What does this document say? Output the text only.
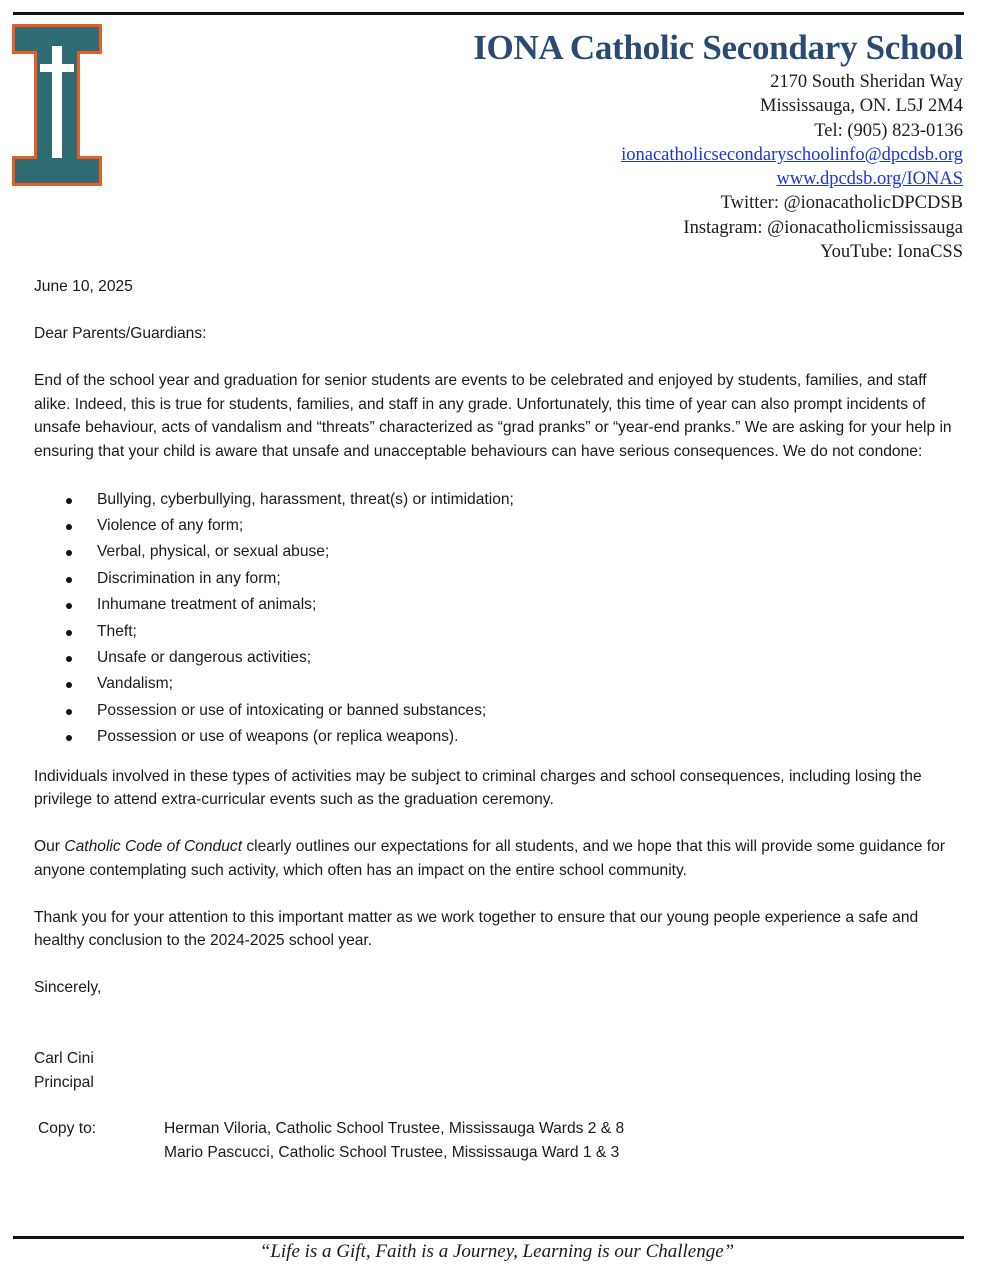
IONA Catholic Secondary School
2170 South Sheridan Way
Mississauga, ON. L5J 2M4
Tel: (905) 823-0136
ionacatholicsecondaryschoolinfo@dpcdsb.org
www.dpcdsb.org/IONAS
Twitter: @ionacatholicDPCDSB
Instagram: @ionacatholicmississauga
YouTube: IonaCSS

June 10, 2025

Dear Parents/Guardians:

End of the school year and graduation for senior students are events to be celebrated and enjoyed by students, families, and staff alike. Indeed, this is true for students, families, and staff in any grade. Unfortunately, this time of year can also prompt incidents of unsafe behaviour, acts of vandalism and “threats” characterized as “grad pranks” or “year-end pranks.” We are asking for your help in ensuring that your child is aware that unsafe and unacceptable behaviours can have serious consequences. We do not condone:

Bullying, cyberbullying, harassment, threat(s) or intimidation;
Violence of any form;
Verbal, physical, or sexual abuse;
Discrimination in any form;
Inhumane treatment of animals;
Theft;
Unsafe or dangerous activities;
Vandalism;
Possession or use of intoxicating or banned substances;
Possession or use of weapons (or replica weapons).

Individuals involved in these types of activities may be subject to criminal charges and school consequences, including losing the privilege to attend extra-curricular events such as the graduation ceremony.

Our Catholic Code of Conduct clearly outlines our expectations for all students, and we hope that this will provide some guidance for anyone contemplating such activity, which often has an impact on the entire school community.

Thank you for your attention to this important matter as we work together to ensure that our young people experience a safe and healthy conclusion to the 2024-2025 school year.

Sincerely,

Carl Cini
Principal
Copy to:	Herman Viloria, Catholic School Trustee, Mississauga Wards 2 & 8
Mario Pascucci, Catholic School Trustee, Mississauga Ward 1 & 3
“Life is a Gift, Faith is a Journey, Learning is our Challenge”
